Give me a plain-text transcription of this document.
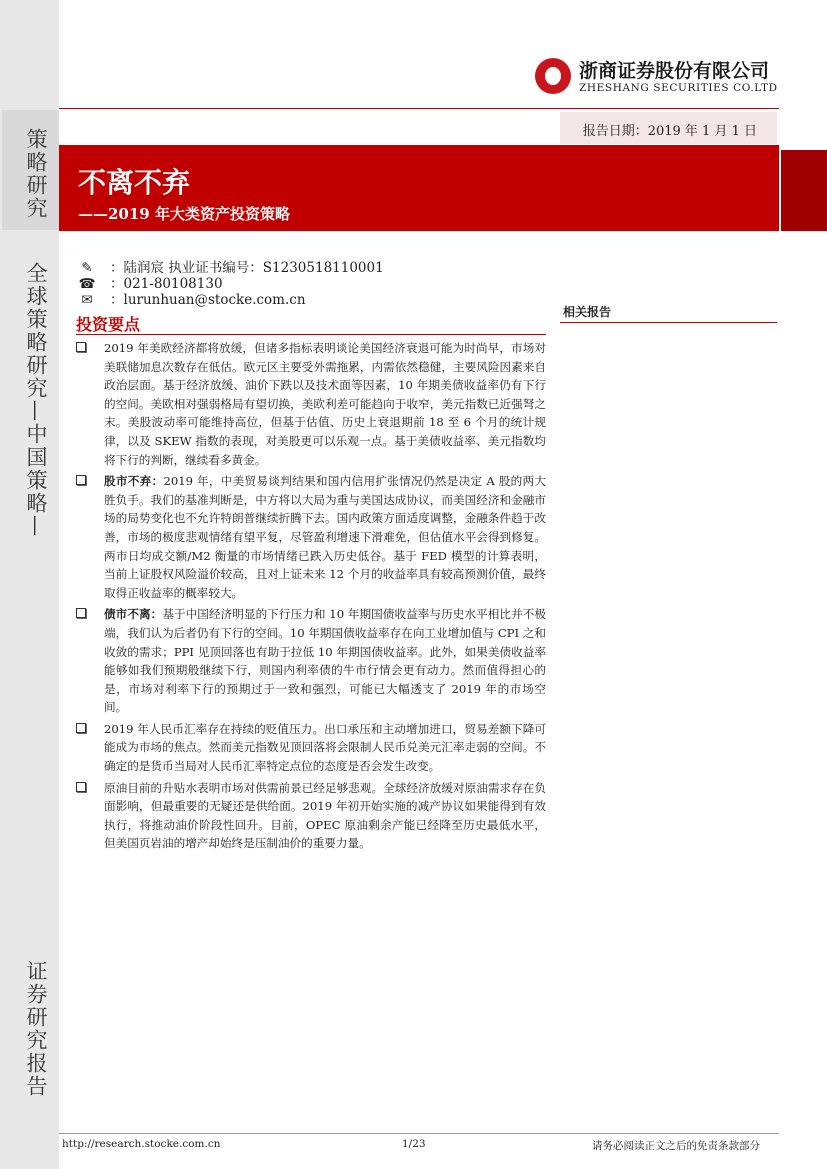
策略研究
全球策略研究—中国策略—
证券研究报告
浙商证券股份有限公司
ZHESHANG SECURITIES CO.LTD
报告日期：2019 年 1 月 1 日
不离不弃
——2019 年大类资产投资策略
✎ ：陆润宸 执业证书编号：S1230518110001
☎ ：021-80108130
✉ ：lurunhuan@stocke.com.cn
投资要点
相关报告
2019 年美欧经济都将放缓，但诸多指标表明谈论美国经济衰退可能为时尚早，市场对美联储加息次数存在低估。欧元区主要受外需拖累，内需依然稳健，主要风险因素来自政治层面。基于经济放缓、油价下跌以及技术面等因素，10 年期美债收益率仍有下行的空间。美欧相对强弱格局有望切换，美欧利差可能趋向于收窄，美元指数已近强弩之末。美股波动率可能维持高位，但基于估值、历史上衰退期前 18 至 6 个月的统计规律，以及 SKEW 指数的表现，对美股更可以乐观一点。基于美债收益率、美元指数均将下行的判断，继续看多黄金。
股市不弃：2019 年，中美贸易谈判结果和国内信用扩张情况仍然是决定 A 股的两大胜负手。我们的基准判断是，中方将以大局为重与美国达成协议，而美国经济和金融市场的局势变化也不允许特朗普继续折腾下去。国内政策方面适度调整，金融条件趋于改善，市场的极度悲观情绪有望平复，尽管盈利增速下滑难免，但估值水平会得到修复。两市日均成交额/M2 衡量的市场情绪已跌入历史低谷。基于 FED 模型的计算表明，当前上证股权风险溢价较高，且对上证未来 12 个月的收益率具有较高预测价值，最终取得正收益率的概率较大。
债市不离：基于中国经济明显的下行压力和 10 年期国债收益率与历史水平相比并不极端，我们认为后者仍有下行的空间。10 年期国债收益率存在向工业增加值与 CPI 之和收敛的需求；PPI 见顶回落也有助于拉低 10 年期国债收益率。此外，如果美债收益率能够如我们预期般继续下行，则国内利率债的牛市行情会更有动力。然而值得担心的是，市场对利率下行的预期过于一致和强烈，可能已大幅透支了 2019 年的市场空间。
2019 年人民币汇率存在持续的贬值压力。出口承压和主动增加进口，贸易差额下降可能成为市场的焦点。然而美元指数见顶回落将会限制人民币兑美元汇率走弱的空间。不确定的是货币当局对人民币汇率特定点位的态度是否会发生改变。
原油目前的升贴水表明市场对供需前景已经足够悲观。全球经济放缓对原油需求存在负面影响，但最重要的无疑还是供给面。2019 年初开始实施的减产协议如果能得到有效执行，将推动油价阶段性回升。目前，OPEC 原油剩余产能已经降至历史最低水平，但美国页岩油的增产却始终是压制油价的重要力量。
http://research.stocke.com.cn	1/23	请务必阅读正文之后的免责条款部分
